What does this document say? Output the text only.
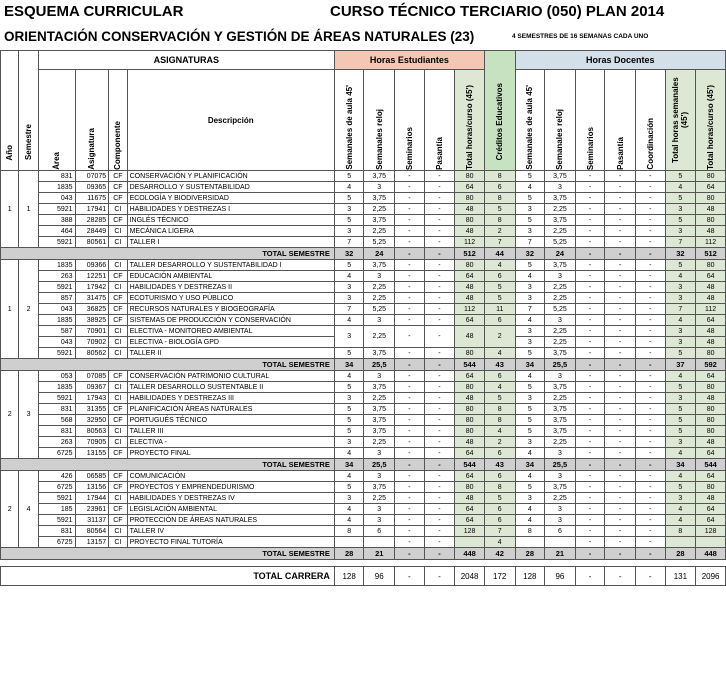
ESQUEMA CURRICULAR	CURSO TÉCNICO TERCIARIO (050) PLAN 2014
ORIENTACIÓN CONSERVACIÓN Y GESTIÓN DE ÁREAS NATURALES (23)	4 SEMESTRES DE 16 SEMANAS CADA UNO
Año	Semestre	ASIGNATURAS				Horas Estudiantes					Créditos Educativos	Horas Docentes						

		Área	Asignatura	Componente	Descripción	Semanales de aula 45'	Semanales reloj	Seminarios	Pasantía	Total horas/curso (45')		Semanales de aula 45'	Semanales reloj	Seminarios	Pasantía	Coordinación	Total horas semanales (45')	Total horas/curso (45')

1	1	831	07075	CF	CONSERVACIÓN Y PLANIFICACIÓN	5	3,75	-	-	80	8	5	3,75	-	-	-	5	80
		1835	09365	CF	DESARROLLO Y SUSTENTABILIDAD	4	3	-	-	64	6	4	3	-	-	-	4	64
		043	11675	CF	ECOLOGÍA Y BIODIVERSIDAD	5	3,75	-	-	80	8	5	3,75	-	-	-	5	80
		5921	17941	CI	HABILIDADES Y DESTREZAS I	3	2,25	-	-	48	5	3	2,25	-	-	-	3	48
		388	28285	CF	INGLÉS TÉCNICO	5	3,75	-	-	80	8	5	3,75	-	-	-	5	80
		464	28449	CI	MECÁNICA LIGERA	3	2,25	-	-	48	2	3	2,25	-	-	-	3	48
		5921	80561	CI	TALLER I	7	5,25	-	-	112	7	7	5,25	-	-	-	7	112
TOTAL SEMESTRE						32	24	-	-	512	44	32	24	-	-	-	32	512
1	2	1835	09366	CI	TALLER DESARROLLO Y SUSTENTABILIDAD I	5	3,75	-	-	80	4	5	3,75	-	-	-	5	80
		263	12251	CF	EDUCACIÓN AMBIENTAL	4	3	-	-	64	6	4	3	-	-	-	4	64
		5921	17942	CI	HABILIDADES Y DESTREZAS II	3	2,25	-	-	48	5	3	2,25	-	-	-	3	48
		857	31475	CF	ECOTURISMO Y USO PÚBLICO	3	2,25	-	-	48	5	3	2,25	-	-	-	3	48
		043	36825	CF	RECURSOS NATURALES Y BIOGEOGRAFÍA	7	5,25	-	-	112	11	7	5,25	-	-	-	7	112
		1835	38925	CF	SISTEMAS DE PRODUCCIÓN Y CONSERVACIÓN	4	3	-	-	64	6	4	3	-	-	-	4	64
		587	70901	CI	ELECTIVA - MONITOREO AMBIENTAL	3	2,25	-	-	48	2	3	2,25	-	-	-	3	48
		043	70902	CI	ELECTIVA - BIOLOGÍA GPD							3	2,25	-	-	-	3	48
		5921	80562	CI	TALLER II	5	3,75	-	-	80	4	5	3,75	-	-	-	5	80
TOTAL SEMESTRE						34	25,5	-	-	544	43	34	25,5	-	-	-	37	592
2	3	053	07085	CF	CONSERVACIÓN PATRIMONIO CULTURAL	4	3	-	-	64	6	4	3	-	-	-	4	64
		1835	09367	CI	TALLER DESARROLLO SUSTENTABLE II	5	3,75	-	-	80	4	5	3,75	-	-	-	5	80
		5921	17943	CI	HABILIDADES Y DESTREZAS III	3	2,25	-	-	48	5	3	2,25	-	-	-	3	48
		831	31355	CF	PLANIFICACIÓN ÁREAS NATURALES	5	3,75	-	-	80	8	5	3,75	-	-	-	5	80
		568	32950	CF	PORTUGUÉS TÉCNICO	5	3,75	-	-	80	8	5	3,75	-	-	-	5	80
		831	80563	CI	TALLER III	5	3,75	-	-	80	4	5	3,75	-	-	-	5	80
		263	70905	CI	ELECTIVA -	3	2,25	-	-	48	2	3	2,25	-	-	-	3	48
		6725	13155	CF	PROYECTO FINAL	4	3	-	-	64	6	4	3	-	-	-	4	64
TOTAL SEMESTRE						34	25,5	-	-	544	43	34	25,5	-	-	-	34	544
2	4	426	06585	CF	COMUNICACIÓN	4	3	-	-	64	6	4	3	-	-	-	4	64
		6725	13156	CF	PROYECTOS Y EMPRENDEDURISMO	5	3,75	-	-	80	8	5	3,75	-	-	-	5	80
		5921	17944	CI	HABILIDADES Y DESTREZAS IV	3	2,25	-	-	48	5	3	2,25	-	-	-	3	48
		185	23961	CF	LEGISLACIÓN AMBIENTAL	4	3	-	-	64	6	4	3	-	-	-	4	64
		5921	31137	CF	PROTECCIÓN DE ÁREAS NATURALES	4	3	-	-	64	6	4	3	-	-	-	4	64
		831	80564	CI	TALLER IV	8	6	-	-	128	7	8	6	-	-	-	8	128
		6725	13157	CI	PROYECTO FINAL TUTORÍA			-	-		4			-	-	-		
TOTAL SEMESTRE						28	21	-	-	448	42	28	21	-	-	-	28	448

TOTAL CARRERA						128	96	-	-	2048	172	128	96	-	-	-	131	2096
